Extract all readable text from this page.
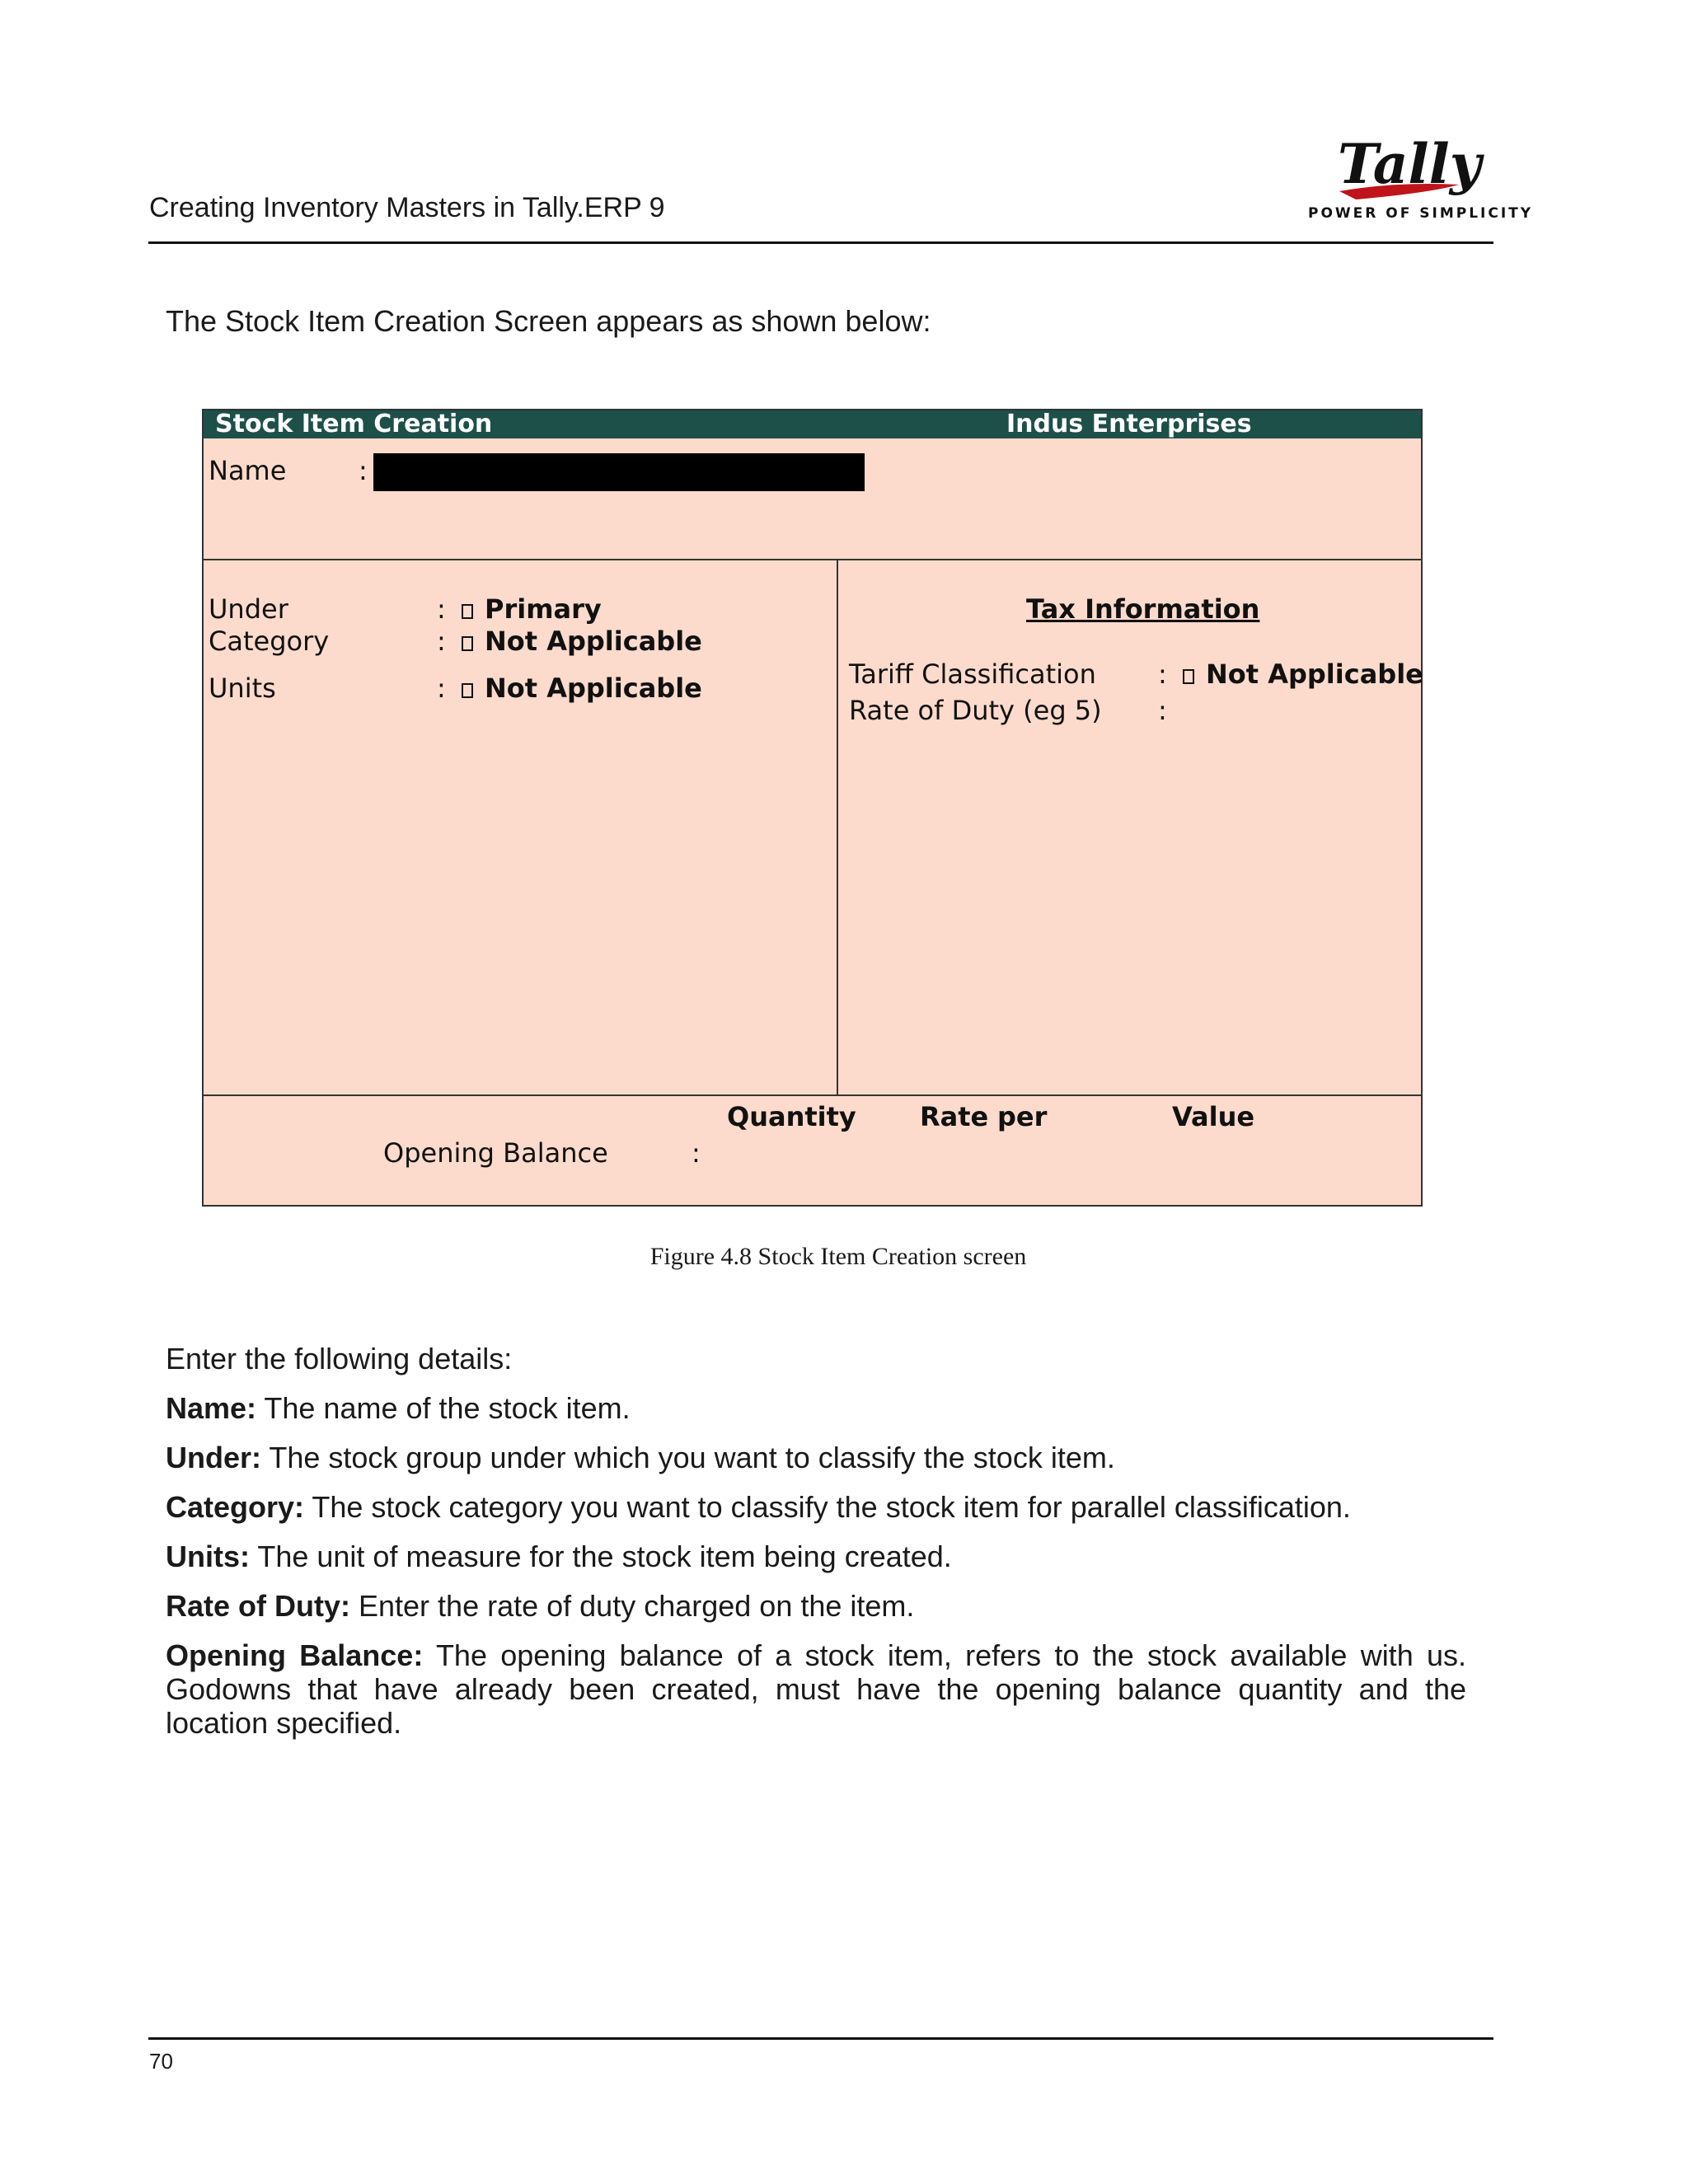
Creating Inventory Masters in Tally.ERP 9
Tally
POWER OF SIMPLICITY
The Stock Item Creation Screen appears as shown below:
Stock Item Creation	Indus Enterprises
Name	:
Under	:	Primary
Category	:	Not Applicable
Units	:	Not Applicable
Tax Information
Tariff Classification :	Not Applicable
Rate of Duty (eg 5) :
Quantity Rate per	Value
Opening Balance	:
Figure 4.8 Stock Item Creation screen
Enter the following details:
Name: The name of the stock item.
Under: The stock group under which you want to classify the stock item.
Category: The stock category you want to classify the stock item for parallel classification.
Units: The unit of measure for the stock item being created.
Rate of Duty: Enter the rate of duty charged on the item.
Opening Balance: The opening balance of a stock item, refers to the stock available with us. Godowns that have already been created, must have the opening balance quantity and the location specified.
70
